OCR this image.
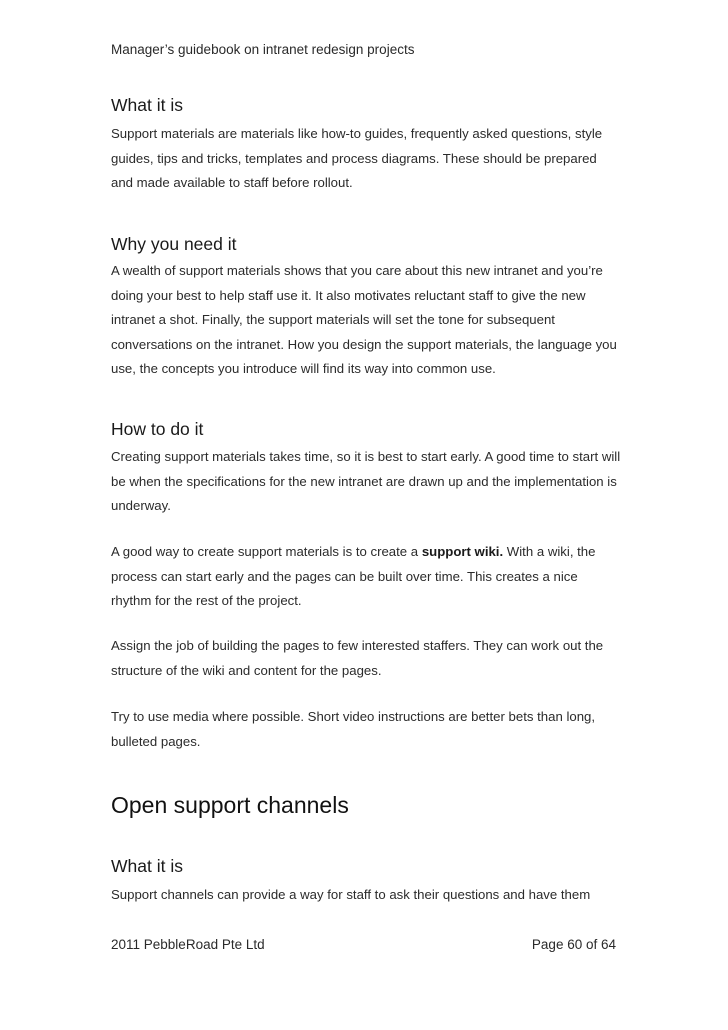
Manager’s guidebook on intranet redesign projects
What it is

Support materials are materials like how-to guides, frequently asked questions, style guides, tips and tricks, templates and process diagrams. These should be prepared and made available to staff before rollout.

Why you need it

A wealth of support materials shows that you care about this new intranet and you’re doing your best to help staff use it. It also motivates reluctant staff to give the new intranet a shot. Finally, the support materials will set the tone for subsequent conversations on the intranet. How you design the support materials, the language you use, the concepts you introduce will find its way into common use.

How to do it

Creating support materials takes time, so it is best to start early. A good time to start will be when the specifications for the new intranet are drawn up and the implementation is underway.

A good way to create support materials is to create a support wiki. With a wiki, the process can start early and the pages can be built over time. This creates a nice rhythm for the rest of the project.

Assign the job of building the pages to few interested staffers. They can work out the structure of the wiki and content for the pages.

Try to use media where possible. Short video instructions are better bets than long, bulleted pages.

Open support channels
What it is

Support channels can provide a way for staff to ask their questions and have them

2011 PebbleRoad Pte Ltd	Page 60 of 64
